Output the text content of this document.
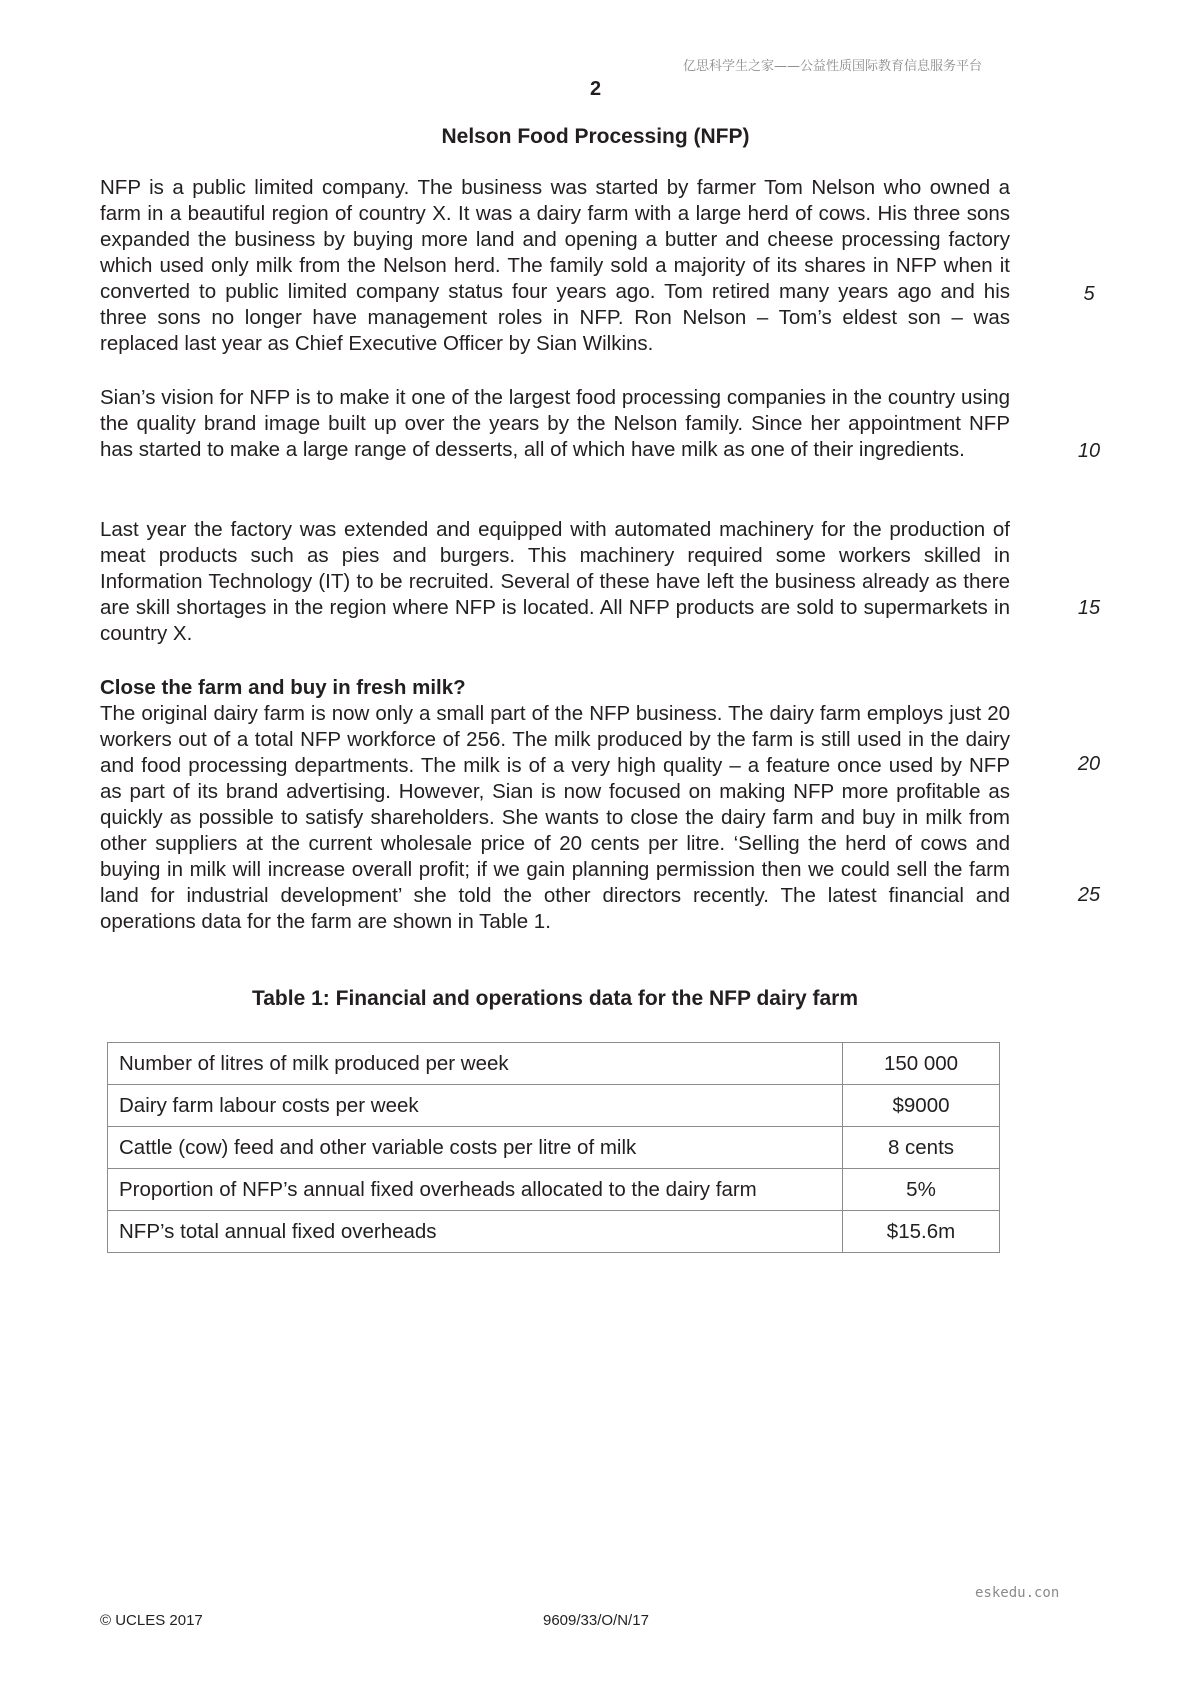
亿思科学生之家——公益性质国际教育信息服务平台
2
Nelson Food Processing (NFP)

NFP is a public limited company. The business was started by farmer Tom Nelson who owned a farm in a beautiful region of country X. It was a dairy farm with a large herd of cows. His three sons expanded the business by buying more land and opening a butter and cheese processing factory which used only milk from the Nelson herd. The family sold a majority of its shares in NFP when it converted to public limited company status four years ago. Tom retired many years ago and his three sons no longer have management roles in NFP. Ron Nelson – Tom’s eldest son – was replaced last year as Chief Executive Officer by Sian Wilkins.

Sian’s vision for NFP is to make it one of the largest food processing companies in the country using the quality brand image built up over the years by the Nelson family. Since her appointment NFP has started to make a large range of desserts, all of which have milk as one of their ingredients.

Last year the factory was extended and equipped with automated machinery for the production of meat products such as pies and burgers. This machinery required some workers skilled in Information Technology (IT) to be recruited. Several of these have left the business already as there are skill shortages in the region where NFP is located. All NFP products are sold to supermarkets in country X.

Close the farm and buy in fresh milk?

The original dairy farm is now only a small part of the NFP business. The dairy farm employs just 20 workers out of a total NFP workforce of 256. The milk produced by the farm is still used in the dairy and food processing departments. The milk is of a very high quality – a feature once used by NFP as part of its brand advertising. However, Sian is now focused on making NFP more profitable as quickly as possible to satisfy shareholders. She wants to close the dairy farm and buy in milk from other suppliers at the current wholesale price of 20 cents per litre. ‘Selling the herd of cows and buying in milk will increase overall profit; if we gain planning permission then we could sell the farm land for industrial development’ she told the other directors recently. The latest financial and operations data for the farm are shown in Table 1.

5
10
15
20
25
Table 1: Financial and operations data for the NFP dairy farm
Number of litres of milk produced per week	150 000
Dairy farm labour costs per week	$9000
Cattle (cow) feed and other variable costs per litre of milk	8 cents
Proportion of NFP’s annual fixed overheads allocated to the dairy farm	5%
NFP’s total annual fixed overheads	$15.6m
eskedu.con
© UCLES 2017	9609/33/O/N/17
